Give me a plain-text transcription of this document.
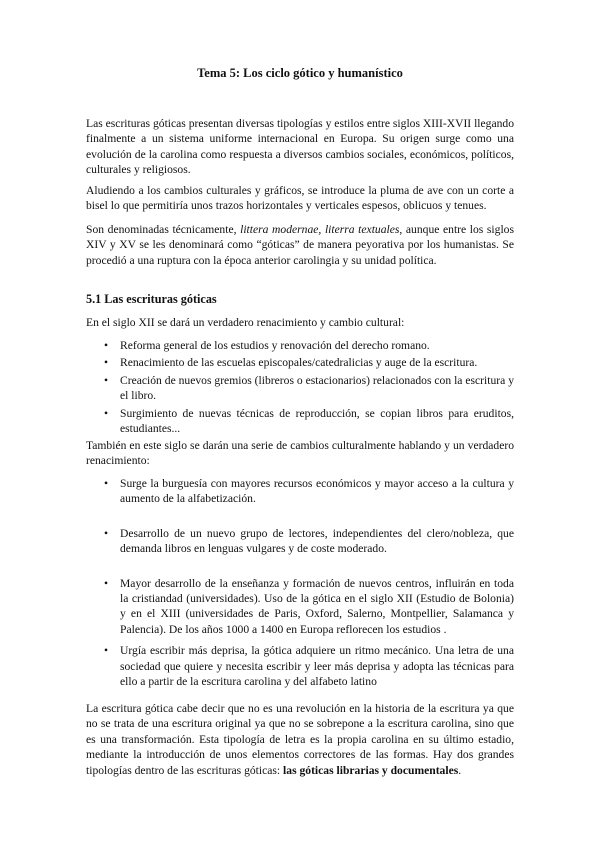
Tema 5: Los ciclo gótico y humanístico

Las escrituras góticas presentan diversas tipologías y estilos entre siglos XIII-XVII llegando finalmente a un sistema uniforme internacional en Europa. Su origen surge como una evolución de la carolina como respuesta a diversos cambios sociales, económicos, políticos, culturales y religiosos.

Aludiendo a los cambios culturales y gráficos, se introduce la pluma de ave con un corte a bisel lo que permitiría unos trazos horizontales y verticales espesos, oblicuos y tenues.

Son denominadas técnicamente, littera modernae, literra textuales, aunque entre los siglos XIV y XV se les denominará como “góticas” de manera peyorativa por los humanistas. Se procedió a una ruptura con la época anterior carolingia y su unidad política.

5.1 Las escrituras góticas

En el siglo XII se dará un verdadero renacimiento y cambio cultural:

• Reforma general de los estudios y renovación del derecho romano.
• Renacimiento de las escuelas episcopales/catedralicias y auge de la escritura.
• Creación de nuevos gremios (libreros o estacionarios) relacionados con la escritura y el libro.
• Surgimiento de nuevas técnicas de reproducción, se copian libros para eruditos, estudiantes...

También en este siglo se darán una serie de cambios culturalmente hablando y un verdadero renacimiento:

• Surge la burguesía con mayores recursos económicos y mayor acceso a la cultura y aumento de la alfabetización.
• Desarrollo de un nuevo grupo de lectores, independientes del clero/nobleza, que demanda libros en lenguas vulgares y de coste moderado.
• Mayor desarrollo de la enseñanza y formación de nuevos centros, influirán en toda la cristiandad (universidades). Uso de la gótica en el siglo XII (Estudio de Bolonia) y en el XIII (universidades de Paris, Oxford, Salerno, Montpellier, Salamanca y Palencia). De los años 1000 a 1400 en Europa reflorecen los estudios .
• Urgía escribir más deprisa, la gótica adquiere un ritmo mecánico. Una letra de una sociedad que quiere y necesita escribir y leer más deprisa y adopta las técnicas para ello a partir de la escritura carolina y del alfabeto latino

La escritura gótica cabe decir que no es una revolución en la historia de la escritura ya que no se trata de una escritura original ya que no se sobrepone a la escritura carolina, sino que es una transformación. Esta tipología de letra es la propia carolina en su último estadio, mediante la introducción de unos elementos correctores de las formas. Hay dos grandes tipologías dentro de las escrituras góticas: las góticas librarias y documentales.
